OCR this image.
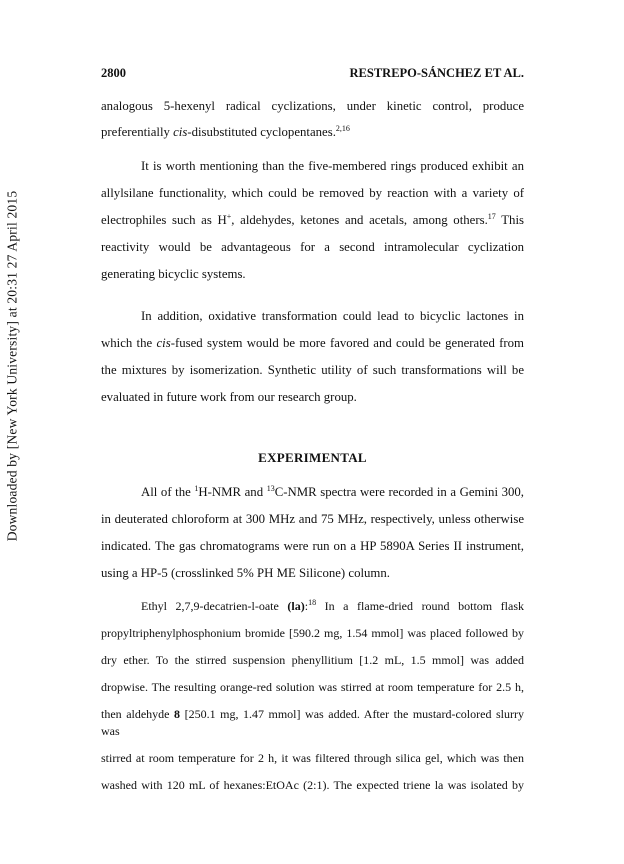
Downloaded by [New York University] at 20:31 27 April 2015
2800	RESTREPO-SÁNCHEZ ET AL.
analogous 5-hexenyl radical cyclizations, under kinetic control, produce
preferentially cis-disubstituted cyclopentanes.$^{2,16}$
It is worth mentioning than the five-membered rings produced exhibit an
allylsilane functionality, which could be removed by reaction with a variety of
electrophiles such as H+, aldehydes, ketones and acetals, among others.$^{17}$ This
reactivity would be advantageous for a second intramolecular cyclization
generating bicyclic systems.
In addition, oxidative transformation could lead to bicyclic lactones in
which the cis-fused system would be more favored and could be generated from
the mixtures by isomerization. Synthetic utility of such transformations will be
evaluated in future work from our research group.
EXPERIMENTAL
All of the $^1$H-NMR and $^{13}$C-NMR spectra were recorded in a Gemini 300,
in deuterated chloroform at 300 MHz and 75 MHz, respectively, unless otherwise
indicated. The gas chromatograms were run on a HP 5890A Series II instrument,
using a HP-5 (crosslinked 5% PH ME Silicone) column.
Ethyl 2,7,9-decatrien-l-oate (la):$^{18}$ In a flame-dried round bottom flask
propyltriphenylphosphonium bromide [590.2 mg, 1.54 mmol] was placed followed by
dry ether. To the stirred suspension phenyllitium [1.2 mL, 1.5 mmol] was added
dropwise. The resulting orange-red solution was stirred at room temperature for 2.5 h,
then aldehyde 8 [250.1 mg, 1.47 mmol] was added. After the mustard-colored slurry was
stirred at room temperature for 2 h, it was filtered through silica gel, which was then
washed with 120 mL of hexanes:EtOAc (2:1). The expected triene la was isolated by
